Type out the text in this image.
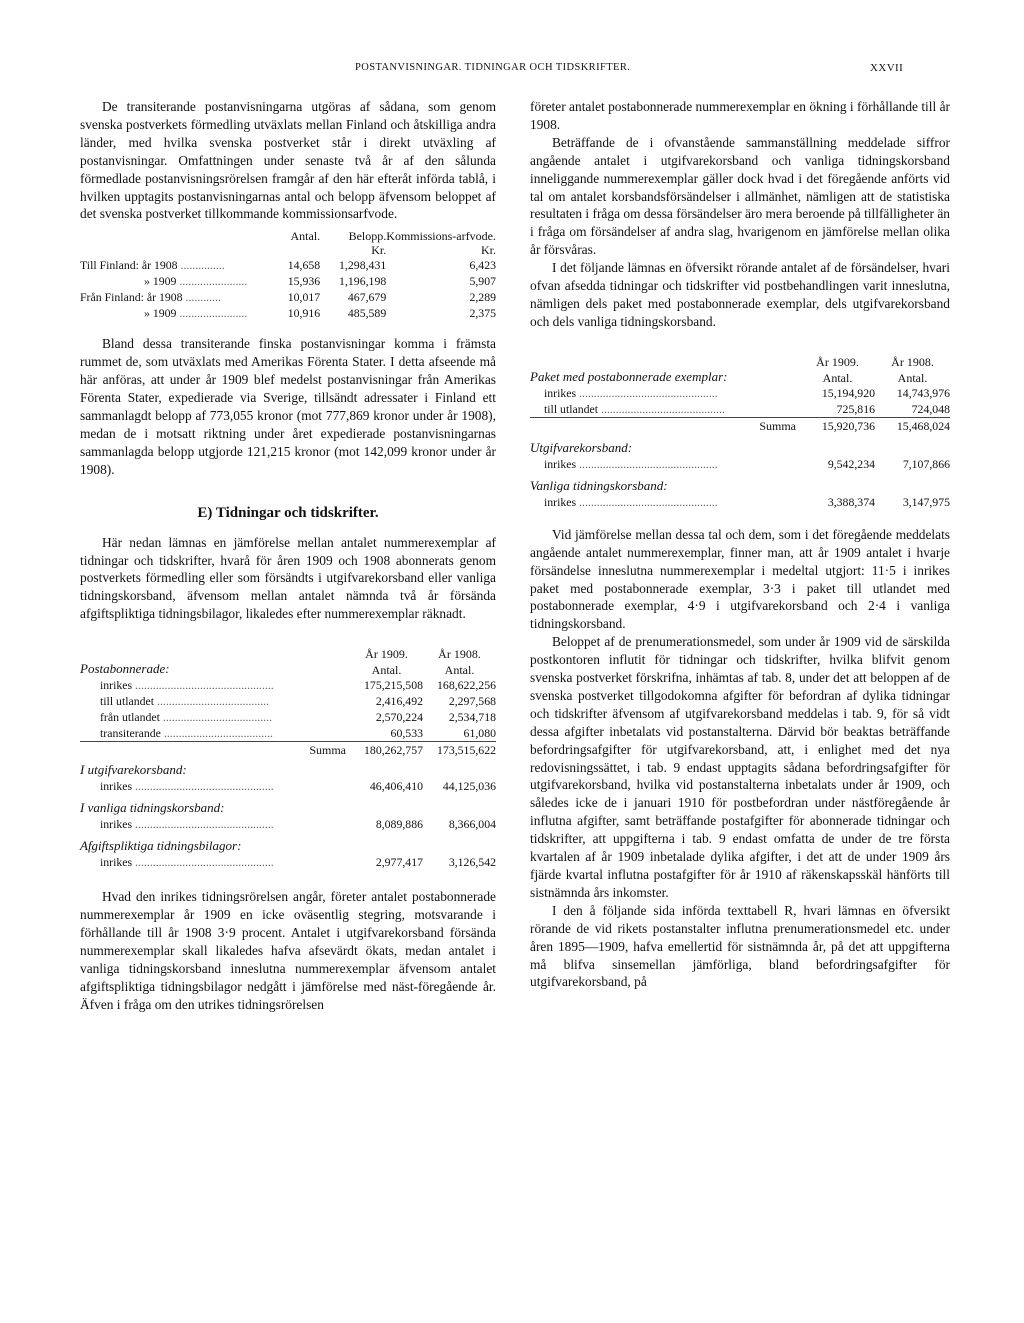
POSTANVISNINGAR. TIDNINGAR OCH TIDSKRIFTER.	XXVII

De transiterande postanvisningarna utgöras af sådana, som genom svenska postverkets förmedling utväxlats mellan Finland och åtskilliga andra länder, med hvilka svenska postverket står i direkt utväxling af postanvisningar. Omfattningen under senaste två år af den sålunda förmedlade postanvisningsrörelsen framgår af den här efteråt införda tablå, i hvilken upptagits postanvisningarnas antal och belopp äfvensom beloppet af det svenska postverket tillkommande kommissionsarfvode.

	Antal.	Belopp.	Kommissions-arfvode.
		Kr.	Kr.
Till Finland: år 1908 ...............	14,658	1,298,431	6,423
» 1909 .......................	15,936	1,196,198	5,907
Från Finland: år 1908 ............	10,017	467,679	2,289
» 1909 .......................	10,916	485,589	2,375

Bland dessa transiterande finska postanvisningar komma i främsta rummet de, som utväxlats med Amerikas Förenta Stater. I detta afseende må här anföras, att under år 1909 blef medelst postanvisningar från Amerikas Förenta Stater, expedierade via Sverige, tillsändt adressater i Finland ett sammanlagdt belopp af 773,055 kronor (mot 777,869 kronor under år 1908), medan de i motsatt riktning under året expedierade postanvisningarnas sammanlagda belopp utgjorde 121,215 kronor (mot 142,099 kronor under år 1908).

E) Tidningar och tidskrifter.

Här nedan lämnas en jämförelse mellan antalet nummerexemplar af tidningar och tidskrifter, hvarå för åren 1909 och 1908 abonnerats genom postverkets förmedling eller som försändts i utgifvarekorsband eller vanliga tidningskorsband, äfvensom mellan antalet nämnda två år försända afgiftspliktiga tidningsbilagor, likaledes efter nummerexemplar räknadt.

	År 1909.	År 1908.
Postabonnerade:	Antal.	Antal.
inrikes ...............................................	175,215,508	168,622,256
till utlandet ......................................	2,416,492	2,297,568
från utlandet .....................................	2,570,224	2,534,718
transiterande .....................................	60,533	61,080
Summa	180,262,757	173,515,622
I utgifvarekorsband:		
inrikes ...............................................	46,406,410	44,125,036
I vanliga tidningskorsband:		
inrikes ...............................................	8,089,886	8,366,004
Afgiftspliktiga tidningsbilagor:		
inrikes ...............................................	2,977,417	3,126,542

Hvad den inrikes tidningsrörelsen angår, företer antalet postabonnerade nummerexemplar år 1909 en icke oväsentlig stegring, motsvarande i förhållande till år 1908 3·9 procent. Antalet i utgifvarekorsband försända nummerexemplar skall likaledes hafva afsevärdt ökats, medan antalet i vanliga tidningskorsband inneslutna nummerexemplar äfvensom antalet afgiftspliktiga tidningsbilagor nedgått i jämförelse med näst-föregående år. Äfven i fråga om den utrikes tidningsrörelsen

företer antalet postabonnerade nummerexemplar en ökning i förhållande till år 1908.

Beträffande de i ofvanstående sammanställning meddelade siffror angående antalet i utgifvarekorsband och vanliga tidningskorsband inneliggande nummerexemplar gäller dock hvad i det föregående anförts vid tal om antalet korsbandsförsändelser i allmänhet, nämligen att de statistiska resultaten i fråga om dessa försändelser äro mera beroende på tillfälligheter än i fråga om försändelser af andra slag, hvarigenom en jämförelse mellan olika år försvåras.

I det följande lämnas en öfversikt rörande antalet af de försändelser, hvari ofvan afsedda tidningar och tidskrifter vid postbehandlingen varit inneslutna, nämligen dels paket med postabonnerade exemplar, dels utgifvarekorsband och dels vanliga tidningskorsband.

	År 1909.	År 1908.
Paket med postabonnerade exemplar:	Antal.	Antal.
inrikes ...............................................	15,194,920	14,743,976
till utlandet ..........................................	725,816	724,048
Summa	15,920,736	15,468,024
Utgifvarekorsband:		
inrikes ...............................................	9,542,234	7,107,866
Vanliga tidningskorsband:		
inrikes ...............................................	3,388,374	3,147,975

Vid jämförelse mellan dessa tal och dem, som i det föregående meddelats angående antalet nummerexemplar, finner man, att år 1909 antalet i hvarje försändelse inneslutna nummerexemplar i medeltal utgjort: 11·5 i inrikes paket med postabonnerade exemplar, 3·3 i paket till utlandet med postabonnerade exemplar, 4·9 i utgifvarekorsband och 2·4 i vanliga tidningskorsband.

Beloppet af de prenumerationsmedel, som under år 1909 vid de särskilda postkontoren influtit för tidningar och tidskrifter, hvilka blifvit genom svenska postverket förskrifna, inhämtas af tab. 8, under det att beloppen af de svenska postverket tillgodokomna afgifter för befordran af dylika tidningar och tidskrifter äfvensom af utgifvarekorsband meddelas i tab. 9, för så vidt dessa afgifter inbetalats vid postanstalterna. Därvid bör beaktas beträffande befordringsafgifter för utgifvarekorsband, att, i enlighet med det nya redovisningssättet, i tab. 9 endast upptagits sådana befordringsafgifter för utgifvarekorsband, hvilka vid postanstalterna inbetalats under år 1909, och således icke de i januari 1910 för postbefordran under nästföregående år influtna afgifter, samt beträffande postafgifter för abonnerade tidningar och tidskrifter, att uppgifterna i tab. 9 endast omfatta de under de tre första kvartalen af år 1909 inbetalade dylika afgifter, i det att de under 1909 års fjärde kvartal influtna postafgifter för år 1910 af räkenskapsskäl hänförts till sistnämnda års inkomster.

I den å följande sida införda texttabell R, hvari lämnas en öfversikt rörande de vid rikets postanstalter influtna prenumerationsmedel etc. under åren 1895—1909, hafva emellertid för sistnämnda år, på det att uppgifterna må blifva sinsemellan jämförliga, bland befordringsafgifter för utgifvarekorsband, på
